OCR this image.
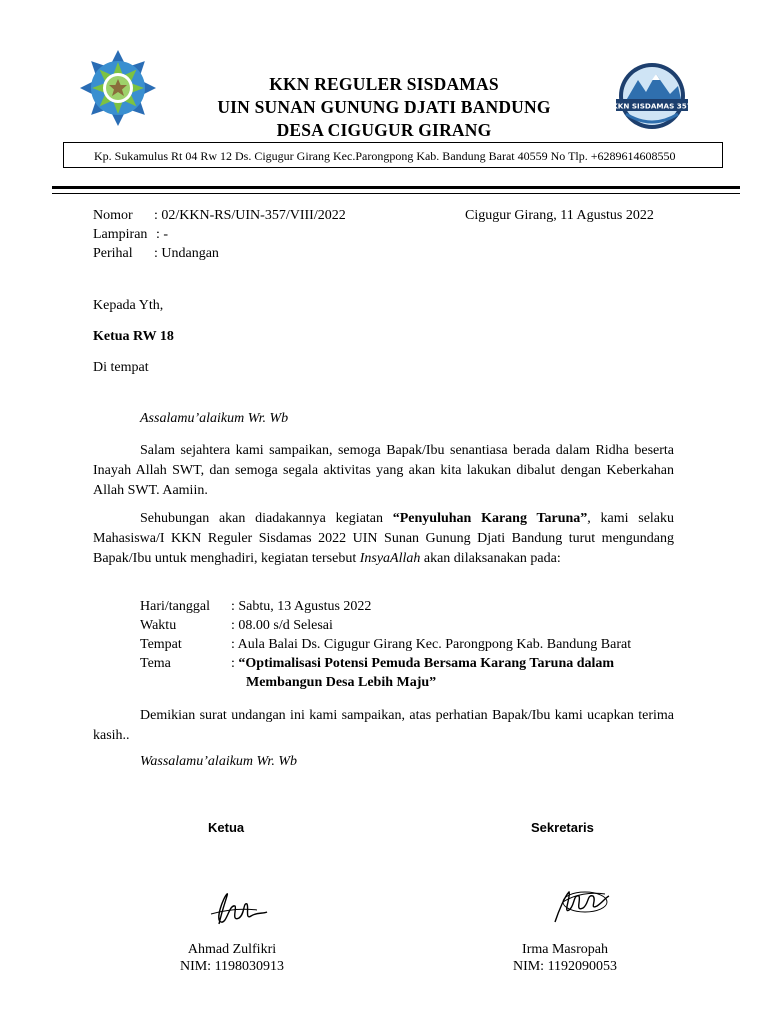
KKN REGULER SISDAMAS
UIN SUNAN GUNUNG DJATI BANDUNG
DESA CIGUGUR GIRANG
KKN SISDAMAS 357
Kp. Sukamulus Rt 04 Rw 12 Ds. Cigugur Girang Kec.Parongpong Kab. Bandung Barat 40559 No Tlp. +6289614608550
Nomor : 02/KKN-RS/UIN-357/VIII/2022	Cigugur Girang, 11 Agustus 2022
Lampiran : -
Perihal : Undangan
Kepada Yth,
Ketua RW 18
Di tempat
Assalamu’alaikum Wr. Wb
Salam sejahtera kami sampaikan, semoga Bapak/Ibu senantiasa berada dalam Ridha beserta Inayah Allah SWT, dan semoga segala aktivitas yang akan kita lakukan dibalut dengan Keberkahan Allah SWT. Aamiin.
Sehubungan akan diadakannya kegiatan “Penyuluhan Karang Taruna”, kami selaku Mahasiswa/I KKN Reguler Sisdamas 2022 UIN Sunan Gunung Djati Bandung turut mengundang Bapak/Ibu untuk menghadiri, kegiatan tersebut InsyaAllah akan dilaksanakan pada:
Hari/tanggal : Sabtu, 13 Agustus 2022
Waktu	: 08.00 s/d Selesai
Tempat	: Aula Balai Ds. Cigugur Girang Kec. Parongpong Kab. Bandung Barat
Tema	: “Optimalisasi Potensi Pemuda Bersama Karang Taruna dalam
Membangun Desa Lebih Maju”
Demikian surat undangan ini kami sampaikan, atas perhatian Bapak/Ibu kami ucapkan terima kasih..
Wassalamu’alaikum Wr. Wb
Ketua	Sekretaris
Ahmad Zulfikri
NIM: 1198030913
Irma Masropah
NIM: 1192090053
